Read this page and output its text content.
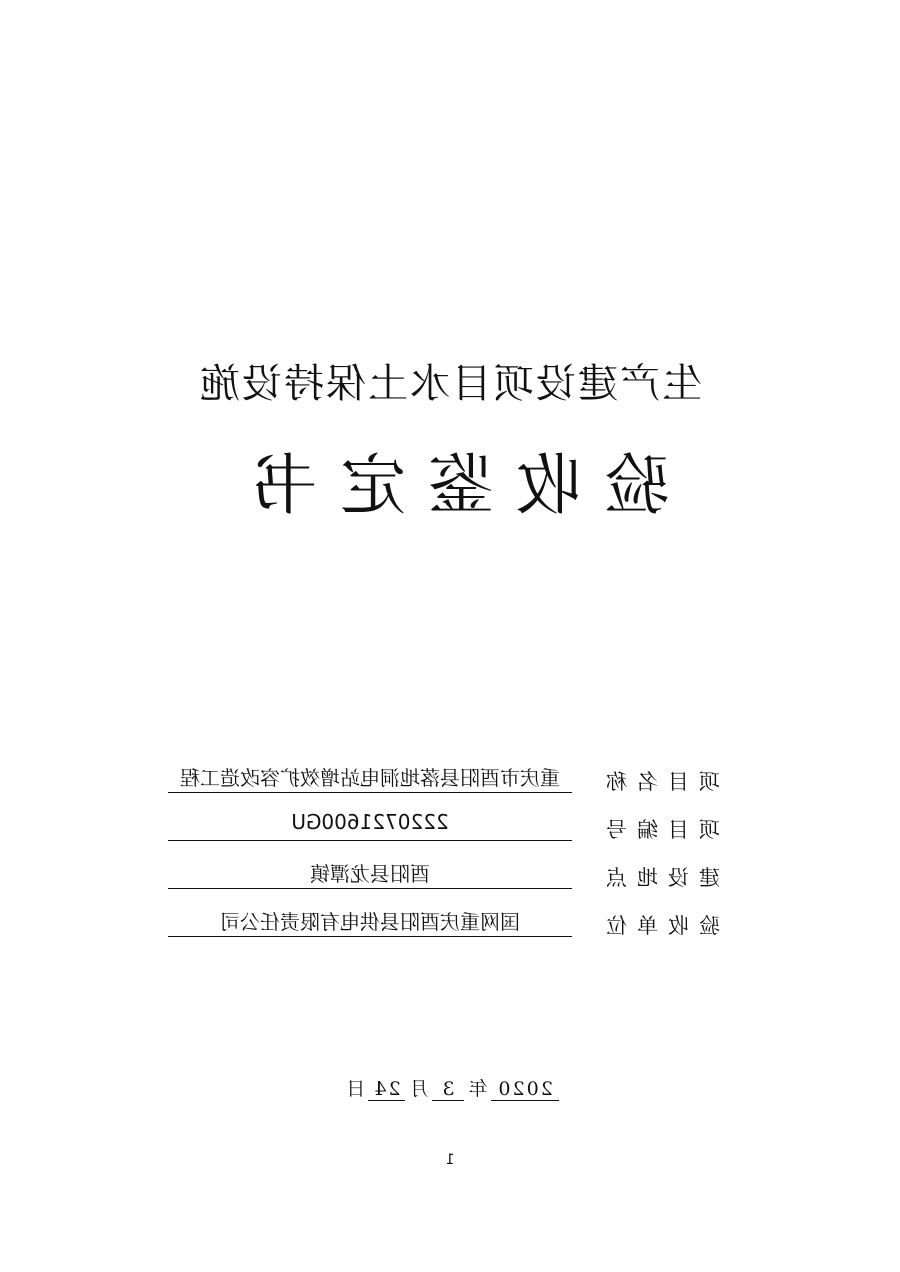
生产建设项目水土保持设施
验收鉴定书
项目名称
重庆市酉阳县落地洞电站增效扩容改造工程
项目编号
2220721600GU
建设地点
酉阳县龙潭镇
验收单位
国网重庆酉阳县供电有限责任公司
2020年3月24日
1
